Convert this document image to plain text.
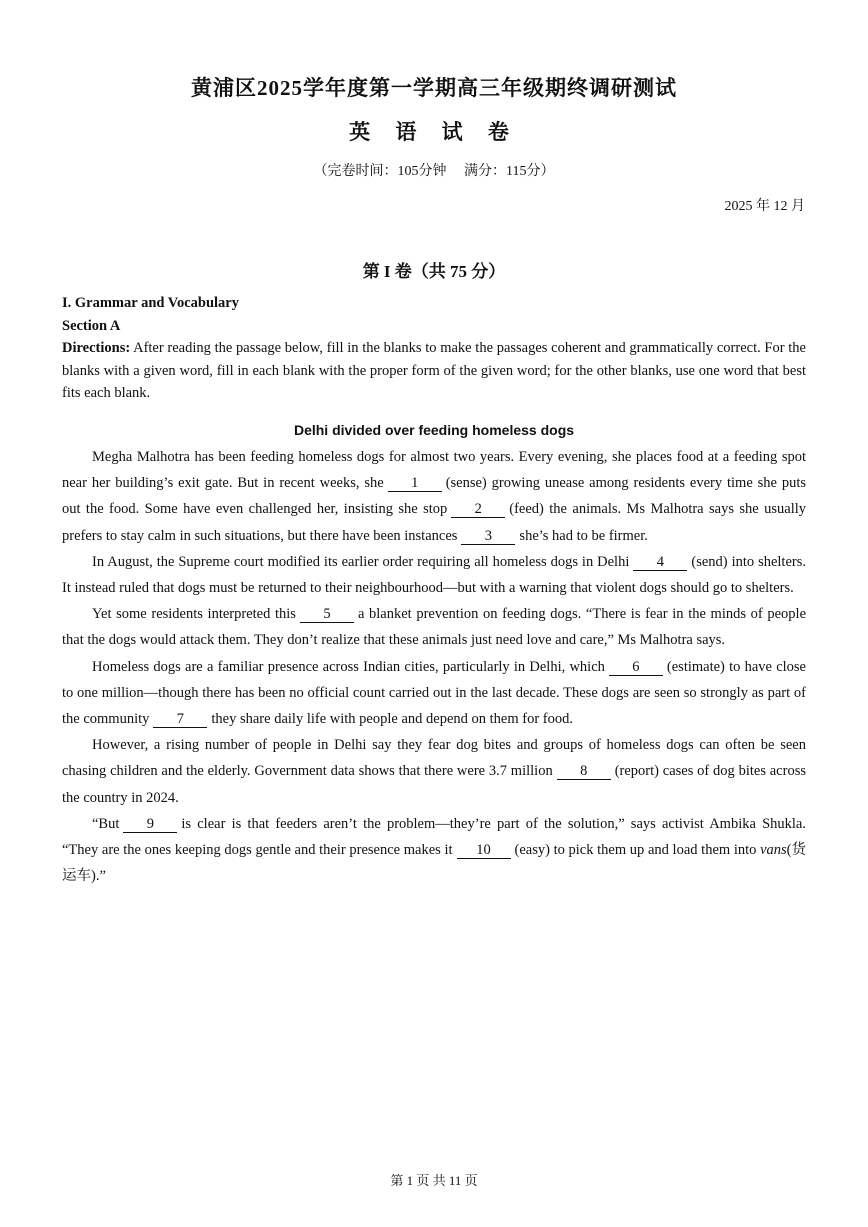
黄浦区2025学年度第一学期高三年级期终调研测试
英 语 试 卷
（完卷时间：105分钟　 满分：115分）
2025 年 12 月
第 I 卷（共 75 分）
I. Grammar and Vocabulary
Section A
Directions: After reading the passage below, fill in the blanks to make the passages coherent and grammatically correct. For the blanks with a given word, fill in each blank with the proper form of the given word; for the other blanks, use one word that best fits each blank.
Delhi divided over feeding homeless dogs

Megha Malhotra has been feeding homeless dogs for almost two years. Every evening, she places food at a feeding spot near her building’s exit gate. But in recent weeks, she 1 (sense) growing unease among residents every time she puts out the food. Some have even challenged her, insisting she stop 2 (feed) the animals. Ms Malhotra says she usually prefers to stay calm in such situations, but there have been instances 3 she’s had to be firmer.

In August, the Supreme court modified its earlier order requiring all homeless dogs in Delhi 4 (send) into shelters. It instead ruled that dogs must be returned to their neighbourhood—but with a warning that violent dogs should go to shelters.

Yet some residents interpreted this 5 a blanket prevention on feeding dogs. “There is fear in the minds of people that the dogs would attack them. They don’t realize that these animals just need love and care,” Ms Malhotra says.

Homeless dogs are a familiar presence across Indian cities, particularly in Delhi, which 6 (estimate) to have close to one million—though there has been no official count carried out in the last decade. These dogs are seen so strongly as part of the community 7 they share daily life with people and depend on them for food.

However, a rising number of people in Delhi say they fear dog bites and groups of homeless dogs can often be seen chasing children and the elderly. Government data shows that there were 3.7 million 8 (report) cases of dog bites across the country in 2024.

“But 9 is clear is that feeders aren’t the problem—they’re part of the solution,” says activist Ambika Shukla. “They are the ones keeping dogs gentle and their presence makes it 10 (easy) to pick them up and load them into vans(货运车).”

第 1 页 共 11 页
